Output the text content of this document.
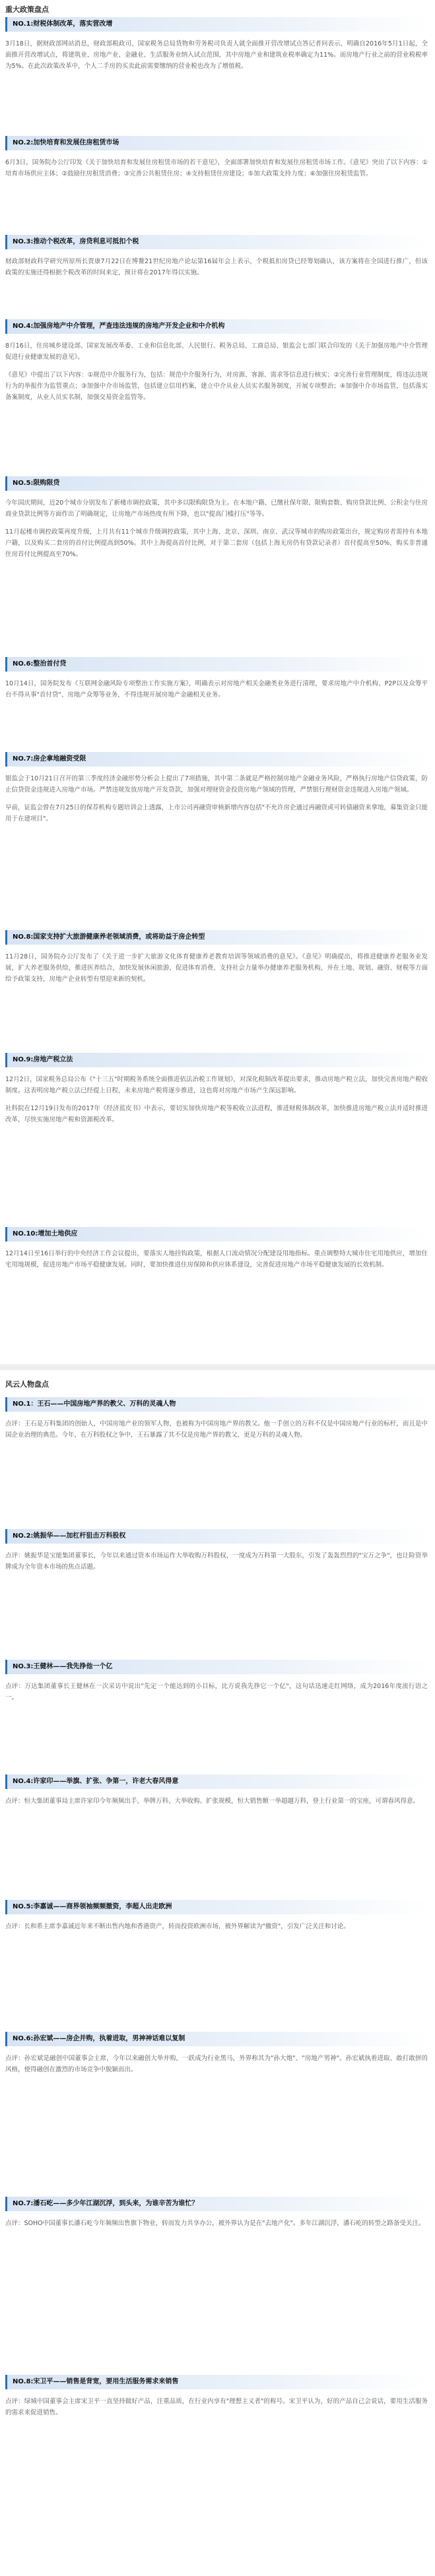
重大政策盘点
NO.1:财税体制改革，落实营改增

3月18日，据财政部网站消息，财政部税政司、国家税务总局货物和劳务税司负责人就全面推开营改增试点答记者问表示，明确自2016年5月1日起，全面推开营改增试点，将建筑业、房地产业、金融业、生活服务业纳入试点范围，其中房地产业和建筑业税率确定为11%。而房地产行业之前的营业税税率为5%。在此次政策改革中，个人二手房的买卖此前需要缴纳的营业税也改为了增值税。

NO.2:加快培育和发展住房租赁市场

6月3日，国务院办公厅印发《关于加快培育和发展住房租赁市场的若干意见》，全面部署加快培育和发展住房租赁市场工作。《意见》突出了以下内容：①培育市场供应主体；②鼓励住房租赁消费；③完善公共租赁住房；④支持租赁住房建设；⑤加大政策支持力度；⑥加强住房租赁监管。

NO.3:推动个税改革，房贷利息可抵扣个税

财政部财政科学研究所原所长贾康7月22日在博鳌21世纪房地产论坛第16届年会上表示，个税抵扣房贷已经筹划确认，该方案将在全国进行推广，但该政策的实施还得根据个税改革的时间来定，预计将在2017年得以实施。

NO.4:加强房地产中介管理，严查违法违规的房地产开发企业和中介机构

8月16日，住房城乡建设部、国家发展改革委、工业和信息化部、人民银行、税务总局、工商总局、银监会七部门联合印发的《关于加强房地产中介管理促进行业健康发展的意见》。

《意见》中提出了以下内容：①规范中介服务行为，包括：规范中介服务行为，对房源、客源、需求等信息进行核实；②完善行业管理制度，将违法违规行为的举报作为监管重点；③加强中介市场监管，包括建立信用档案，建立中介从业人员实名服务制度，开展专项整治；④加强中介市场监管，包括落实备案制度，从业人员实名制，加强交易资金监管等。

NO.5:限购限贷

今年国庆期间，近20个城市分别发布了新楼市调控政策，其中多以限购限贷为主。在本地户籍、已缴社保年限、限购套数、购房贷款比例、公积金与住房商业贷款比例等方面作出了明确规定，让房地产市场热度有所下降，也以"提高门槛打压"等等。

11月起楼市调控政策再度升级，上月共有11个城市升级调控政策，其中上海、北京、深圳、南京、武汉等城市的购房政策出台，规定购房者需持有本地户籍，以及购买二套房的首付比例提高到50%。其中上海提高首付比例，对于第二套房（包括上海无房仍有贷款记录者）首付提高至50%，购买非普通住房首付比例提高至70%。

NO.6:整治首付贷

10月14日，国务院发布《互联网金融风险专项整治工作实施方案》，明确表示对房地产相关金融类业务进行清理，要求房地产中介机构、P2P以及众筹平台不得从事"首付贷"、房地产众筹等业务，不得违规开展房地产金融相关业务。

NO.7:房企拿地融资受限

银监会于10月21日召开的第三季度经济金融形势分析会上提出了7项措施，其中第二条就是严格控制房地产金融业务风险，严格执行房地产信贷政策，防止信贷资金违规进入房地产市场。严禁违规发放房地产开发贷款，加强对理财资金投资房地产领域的管理，严禁银行理财资金违规进入房地产领域。

早前，证监会曾在7月25日的保荐机构专题培训会上透露，上市公司再融资审核新增内容包括"不允许房企通过再融资或可转债融资来拿地，募集资金只能用于在建项目"。

NO.8:国家支持扩大旅游健康养老领域消费，或将助益于房企转型

11月28日，国务院办公厅发布了《关于进一步扩大旅游文化体育健康养老教育培训等领域消费的意见》。《意见》明确提出，将推进健康养老服务业发展，扩大养老服务供给，推进医养结合，加快发展休闲旅游，促进体育消费，支持社会力量举办健康养老服务机构，并在土地、规划、融资、财税等方面给予政策支持，房地产企业转型有望迎来新的契机。

NO.9:房地产税立法

12月2日，国家税务总局公布《"十三五"时期税务系统全面推进依法治税工作规划》，对深化税制改革提出要求，推动房地产税立法，加快完善房地产税收制度。这表明房地产税立法已经提上日程，未来房地产税将逐步推进，这也将对房地产市场产生深远影响。

社科院在12月19日发布的2017年《经济蓝皮书》中表示，要切实加快房地产税等税收立法进程，推进财税体制改革，加快推进房地产税立法并适时推进改革，尽快实施房地产税和资源税改革。

NO.10:增加土地供应

12月14日至16日举行的中央经济工作会议提出，要落实人地挂钩政策，根据人口流动情况分配建设用地指标。重点调整特大城市住宅用地供应，增加住宅用地规模，促进房地产市场平稳健康发展。同时，要加快推进住房保障和供应体系建设，完善促进房地产市场平稳健康发展的长效机制。

风云人物盘点
NO.1：王石——中国房地产界的教父、万科的灵魂人物

点评：王石是万科集团的创始人，中国房地产业的领军人物，也被称为中国房地产界的教父。他一手创立的万科不仅是中国房地产行业的标杆，而且是中国企业治理的典范。今年，在万科股权之争中，王石暴露了其不仅是房地产界的教父，更是万科的灵魂人物。

NO.2:姚振华——加杠杆狙击万科股权

点评：姚振华是宝能集团董事长，今年以来通过资本市场运作大举收购万科股权，一度成为万科第一大股东，引发了轰轰烈烈的"宝万之争"，也让险资举牌成为全年资本市场的焦点话题。

NO.3:王健林——我先挣他一个亿

点评：万达集团董事长王健林在一次采访中说出"先定一个能达到的小目标，比方说我先挣它一个亿"，这句话迅速走红网络，成为2016年度流行语之一。

NO.4:许家印——举旗、扩张、争第一，许老大春风得意

点评：恒大集团董事局主席许家印今年频频出手，举牌万科、大举收购、扩张规模，恒大销售额一举超越万科，登上行业第一的宝座，可谓春风得意。

NO.5:李嘉诚——商界领袖频频撤资，李超人出走欧洲

点评：长和系主席李嘉诚近年来不断出售内地和香港资产，转而投资欧洲市场，被外界解读为"撤资"，引发广泛关注和讨论。

NO.6:孙宏斌——房企并购，执着进取，男神神话难以复制

点评：孙宏斌是融创中国董事会主席，今年以来融创大举并购，一跃成为行业黑马，外界称其为"孙大炮"、"房地产男神"。孙宏斌执着进取、敢打敢拼的风格，使得融创在激烈的市场竞争中脱颖而出。

NO.7:潘石屹——多少年江湖沉浮，到头来，为谁辛苦为谁忙？

点评：SOHO中国董事长潘石屹今年频频出售旗下物业，转而发力共享办公，被外界认为是在"去地产化"。多年江湖沉浮，潘石屹的转型之路备受关注。

NO.8:宋卫平——销售是背宽，要用生活服务需求来销售

点评：绿城中国董事会主席宋卫平一直坚持做好产品，注重品质，在行业内享有"理想主义者"的称号。宋卫平认为，好的产品自己会说话，要用生活服务的需求来促进销售。
